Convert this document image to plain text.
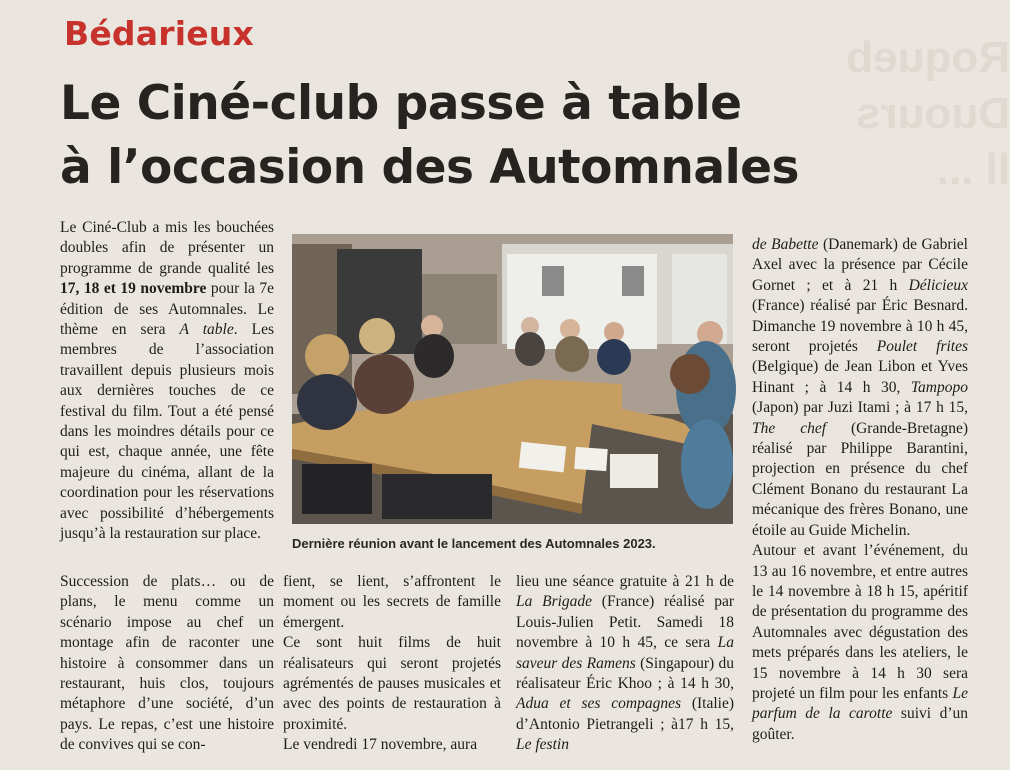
Roqueb
Duours
ll ...
Bédarieux
Le Ciné-club passe à table
à l’occasion des Automnales

Le Ciné-Club a mis les bouchées doubles afin de présenter un programme de grande qualité les 17, 18 et 19 novembre pour la 7e édition de ses Automnales. Le thème en sera A table. Les membres de l’association travaillent depuis plusieurs mois aux dernières touches de ce festival du film. Tout a été pensé dans les moindres détails pour ce qui est, chaque année, une fête majeure du cinéma, allant de la coordination pour les réservations avec possibilité d’hébergements jusqu’à la restauration sur place.

Succession de plats… ou de plans, le menu comme un scénario impose au chef un montage afin de raconter une histoire à consommer dans un restaurant, huis clos, toujours métaphore d’une société, d’un pays. Le repas, c’est une histoire de convives qui se con-

fient, se lient, s’affrontent le moment ou les secrets de famille émergent.

Ce sont huit films de huit réalisateurs qui seront projetés agrémentés de pauses musicales et avec des points de restauration à proximité.

Le vendredi 17 novembre, aura

lieu une séance gratuite à 21 h de La Brigade (France) réalisé par Louis-Julien Petit. Samedi 18 novembre à 10 h 45, ce sera La saveur des Ramens (Singapour) du réalisateur Éric Khoo ; à 14 h 30, Adua et ses compagnes (Italie) d’Antonio Pietrangeli ; à17 h 15, Le festin

de Babette (Danemark) de Gabriel Axel avec la présence par Cécile Gornet ; et à 21 h Délicieux (France) réalisé par Éric Besnard. Dimanche 19 novembre à 10 h 45, seront projetés Poulet frites (Belgique) de Jean Libon et Yves Hinant ; à 14 h 30, Tampopo (Japon) par Juzi Itami ; à 17 h 15, The chef (Grande-Bretagne) réalisé par Philippe Barantini, projection en présence du chef Clément Bonano du restaurant La mécanique des frères Bonano, une étoile au Guide Michelin.

Autour et avant l’événement, du 13 au 16 novembre, et entre autres le 14 novembre à 18 h 15, apéritif de présentation du programme des Automnales avec dégustation des mets préparés dans les ateliers, le 15 novembre à 14 h 30 sera projeté un film pour les enfants Le parfum de la carotte suivi d’un goûter.

Dernière réunion avant le lancement des Automnales 2023.
